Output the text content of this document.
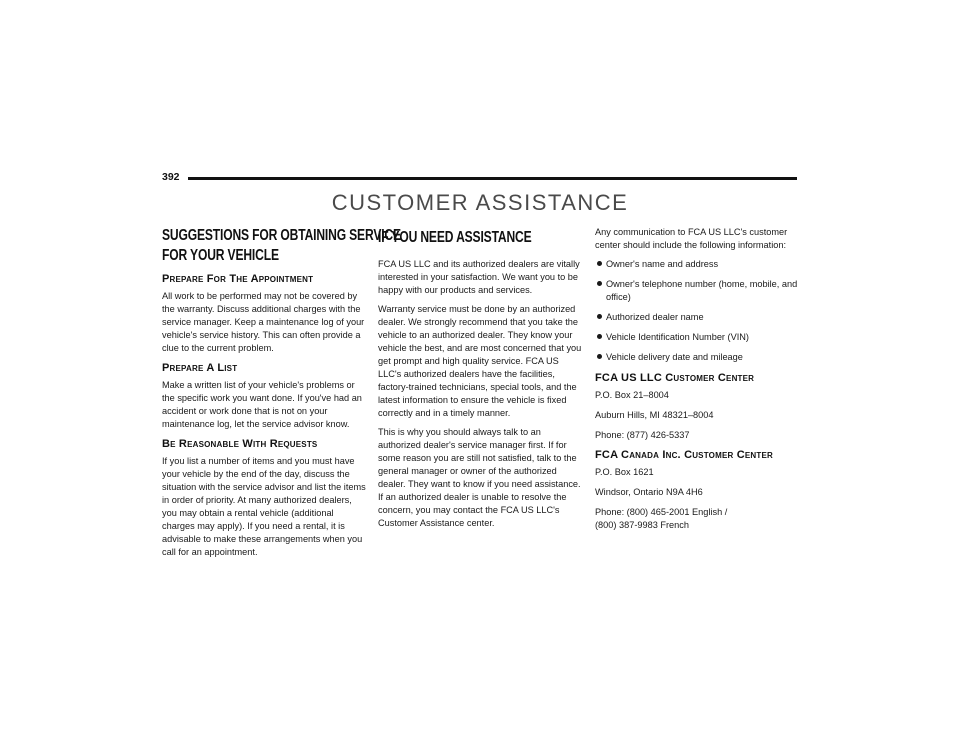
392
CUSTOMER ASSISTANCE
SUGGESTIONS FOR OBTAINING SERVICE
FOR YOUR VEHICLE
Prepare For The Appointment

All work to be performed may not be covered by the warranty. Discuss additional charges with the service manager. Keep a maintenance log of your vehicle's service history. This can often provide a clue to the current problem.

Prepare A List

Make a written list of your vehicle's problems or the specific work you want done. If you've had an accident or work done that is not on your maintenance log, let the service advisor know.

Be Reasonable With Requests

If you list a number of items and you must have your vehicle by the end of the day, discuss the situation with the service advisor and list the items in order of priority. At many authorized dealers, you may obtain a rental vehicle (additional charges may apply). If you need a rental, it is advisable to make these arrangements when you call for an appointment.

IF YOU NEED ASSISTANCE

FCA US LLC and its authorized dealers are vitally interested in your satisfaction. We want you to be happy with our products and services.

Warranty service must be done by an authorized dealer. We strongly recommend that you take the vehicle to an authorized dealer. They know your vehicle the best, and are most concerned that you get prompt and high quality service. FCA US LLC's authorized dealers have the facilities, factory-trained technicians, special tools, and the latest information to ensure the vehicle is fixed correctly and in a timely manner.

This is why you should always talk to an authorized dealer's service manager first. If for some reason you are still not satisfied, talk to the general manager or owner of the authorized dealer. They want to know if you need assistance. If an authorized dealer is unable to resolve the concern, you may contact the FCA US LLC's Customer Assistance center.

Any communication to FCA US LLC's customer center should include the following information:

Owner's name and address
Owner's telephone number (home, mobile, and office)
Authorized dealer name
Vehicle Identification Number (VIN)
Vehicle delivery date and mileage
FCA US LLC Customer Center

P.O. Box 21–8004

Auburn Hills, MI 48321–8004

Phone: (877) 426-5337

FCA Canada Inc. Customer Center

P.O. Box 1621

Windsor, Ontario N9A 4H6

Phone: (800) 465-2001 English /

(800) 387-9983 French
